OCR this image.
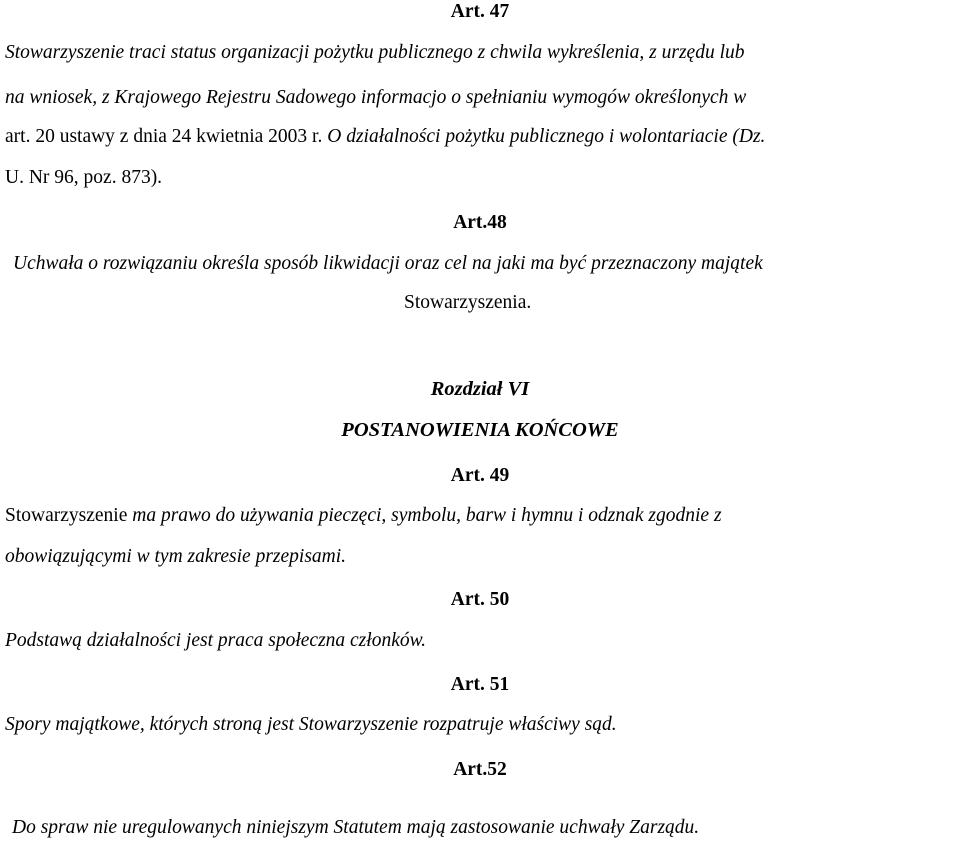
Art. 47
Stowarzyszenie traci status organizacji pożytku publicznego z chwila wykreślenia, z urzędu lub
na wniosek, z Krajowego Rejestru Sadowego informacjo o spełnianiu wymogów określonych w
art. 20 ustawy z dnia 24 kwietnia 2003 r. O działalności pożytku publicznego i wolontariacie (Dz.
U. Nr 96, poz. 873).
Art.48
Uchwała o rozwiązaniu określa sposób likwidacji oraz cel na jaki ma być przeznaczony majątek
Stowarzyszenia.
Rozdział VI
POSTANOWIENIA KOŃCOWE
Art. 49
Stowarzyszenie ma prawo do używania pieczęci, symbolu, barw i hymnu i odznak zgodnie z
obowiązującymi w tym zakresie przepisami.
Art. 50
Podstawą działalności jest praca społeczna członków.
Art. 51
Spory majątkowe, których stroną jest Stowarzyszenie rozpatruje właściwy sąd.
Art.52
Do spraw nie uregulowanych niniejszym Statutem mają zastosowanie uchwały Zarządu.
